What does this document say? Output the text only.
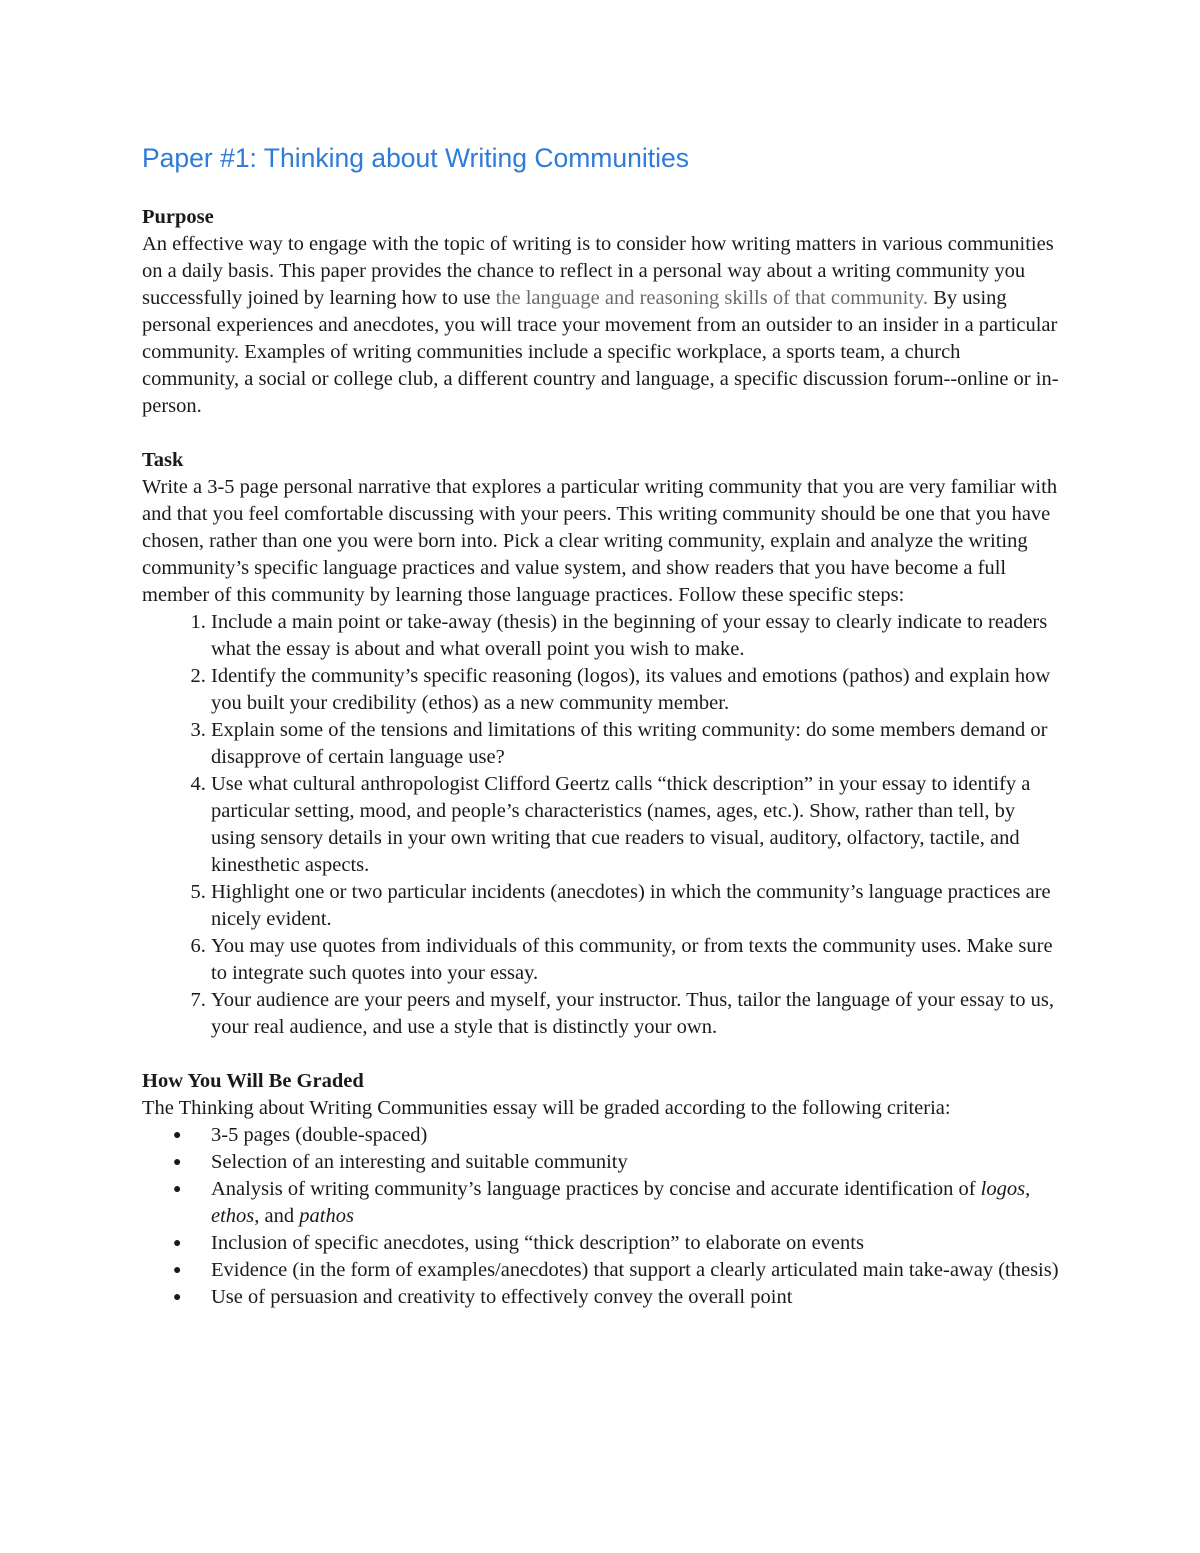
Paper #1: Thinking about Writing Communities

Purpose

An effective way to engage with the topic of writing is to consider how writing matters in various communities on a daily basis. This paper provides the chance to reflect in a personal way about a writing community you successfully joined by learning how to use the language and reasoning skills of that community. By using personal experiences and anecdotes, you will trace your movement from an outsider to an insider in a particular community. Examples of writing communities include a specific workplace, a sports team, a church community, a social or college club, a different country and language, a specific discussion forum--online or in-person.

Task

Write a 3-5 page personal narrative that explores a particular writing community that you are very familiar with and that you feel comfortable discussing with your peers. This writing community should be one that you have chosen, rather than one you were born into. Pick a clear writing community, explain and analyze the writing community’s specific language practices and value system, and show readers that you have become a full member of this community by learning those language practices. Follow these specific steps:

1. Include a main point or take-away (thesis) in the beginning of your essay to clearly indicate to readers what the essay is about and what overall point you wish to make.
2. Identify the community’s specific reasoning (logos), its values and emotions (pathos) and explain how you built your credibility (ethos) as a new community member.
3. Explain some of the tensions and limitations of this writing community: do some members demand or disapprove of certain language use?
4. Use what cultural anthropologist Clifford Geertz calls “thick description” in your essay to identify a particular setting, mood, and people’s characteristics (names, ages, etc.). Show, rather than tell, by using sensory details in your own writing that cue readers to visual, auditory, olfactory, tactile, and kinesthetic aspects.
5. Highlight one or two particular incidents (anecdotes) in which the community’s language practices are nicely evident.
6. You may use quotes from individuals of this community, or from texts the community uses. Make sure to integrate such quotes into your essay.
7. Your audience are your peers and myself, your instructor. Thus, tailor the language of your essay to us, your real audience, and use a style that is distinctly your own.

How You Will Be Graded

The Thinking about Writing Communities essay will be graded according to the following criteria:

● 3-5 pages (double-spaced)
● Selection of an interesting and suitable community
● Analysis of writing community’s language practices by concise and accurate identification of logos, ethos, and pathos
● Inclusion of specific anecdotes, using “thick description” to elaborate on events
● Evidence (in the form of examples/anecdotes) that support a clearly articulated main take-away (thesis)
● Use of persuasion and creativity to effectively convey the overall point
